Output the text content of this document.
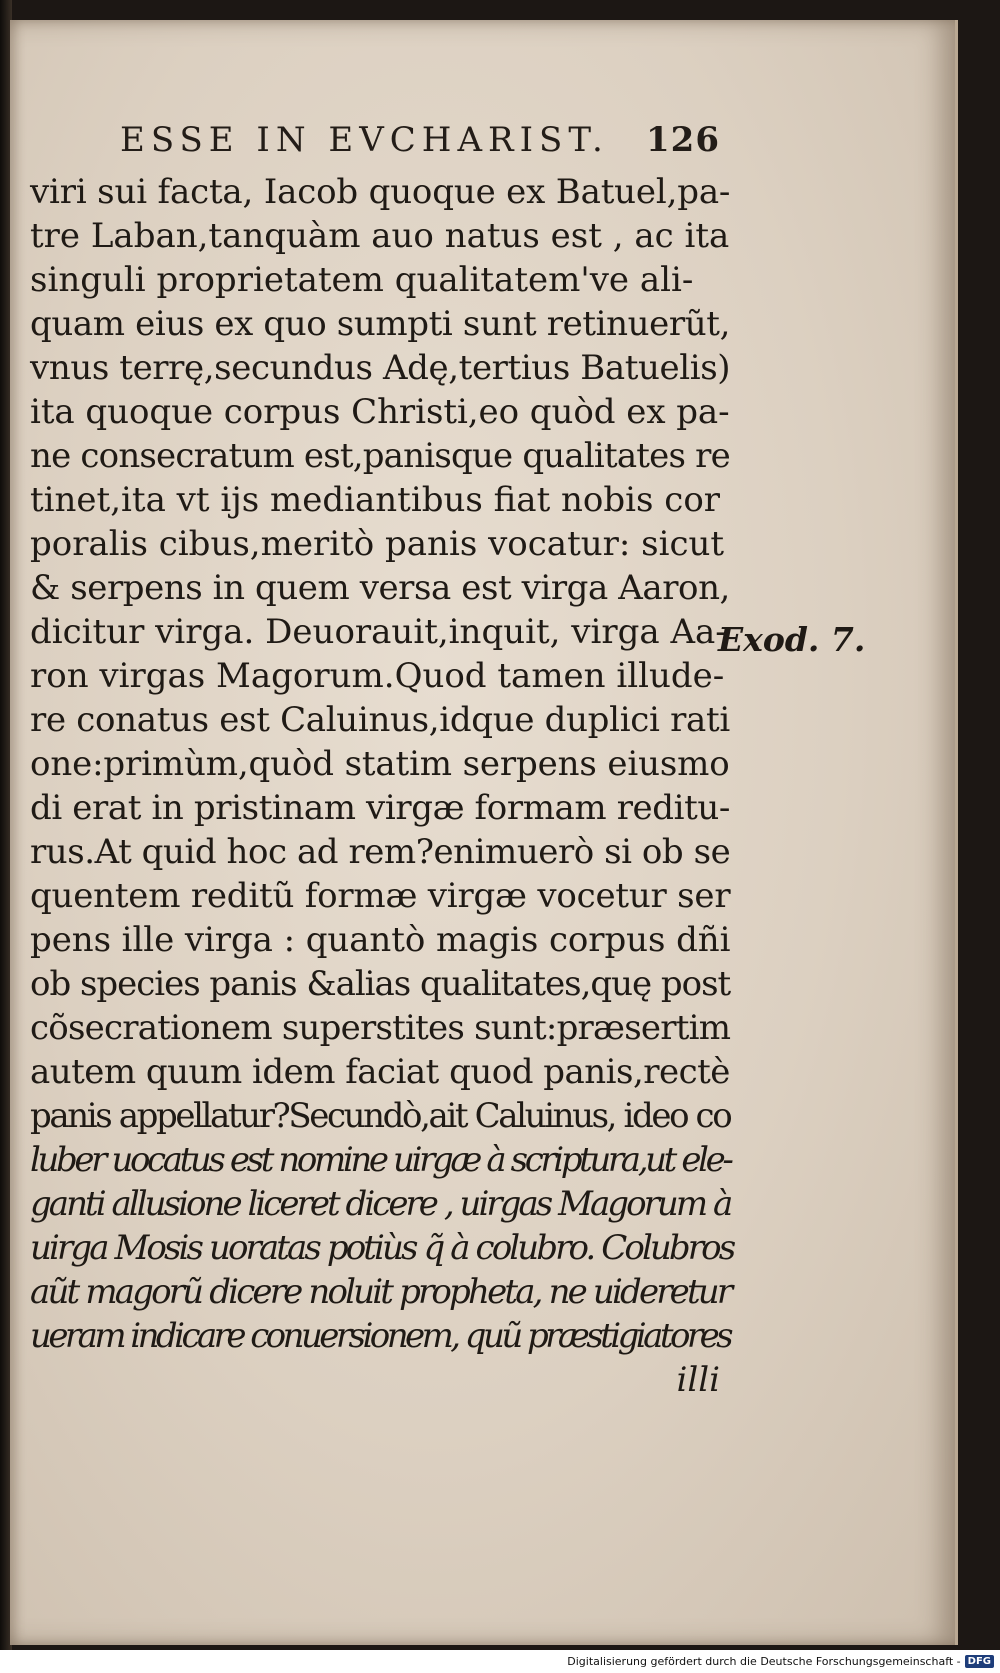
ESSE IN EVCHARIST. 126
viri sui facta, Iacob quoque ex Batuel,pa-
tre Laban,tanquàm auo natus est , ac ita
singuli proprietatem qualitatem've ali-
quam eius ex quo sumpti sunt retinuerũt,
vnus terrę,secundus Adę,tertius Batuelis)
ita quoque corpus Christi,eo quòd ex pa-
ne consecratum est,panisque qualitates re
tinet,ita vt ijs mediantibus fiat nobis cor
poralis cibus,meritò panis vocatur: sicut
& serpens in quem versa est virga Aaron,
dicitur virga. Deuorauit,inquit, virga Aa-
ron virgas Magorum.Quod tamen illude-
re conatus est Caluinus,idque duplici rati
one:primùm,quòd statim serpens eiusmo
di erat in pristinam virgæ formam reditu-
rus.At quid hoc ad rem?enimuerò si ob se
quentem reditũ formæ virgæ vocetur ser
pens ille virga : quantò magis corpus dñi
ob species panis &alias qualitates,quę post
cõsecrationem superstites sunt:præsertim
autem quum idem faciat quod panis,rectè
panis appellatur?Secundò,ait Caluinus, ideo co
luber uocatus est nomine uirgæ à scriptura,ut ele-
ganti allusione liceret dicere , uirgas Magorum à
uirga Mosis uoratas potiùs q̃ à colubro. Colubros
aũt magorũ dicere noluit propheta, ne uideretur
ueram indicare conuersionem, quũ præstigiatores
illi
Exod. 7.
Digitalisierung gefördert durch die Deutsche Forschungsgemeinschaft - DFG
